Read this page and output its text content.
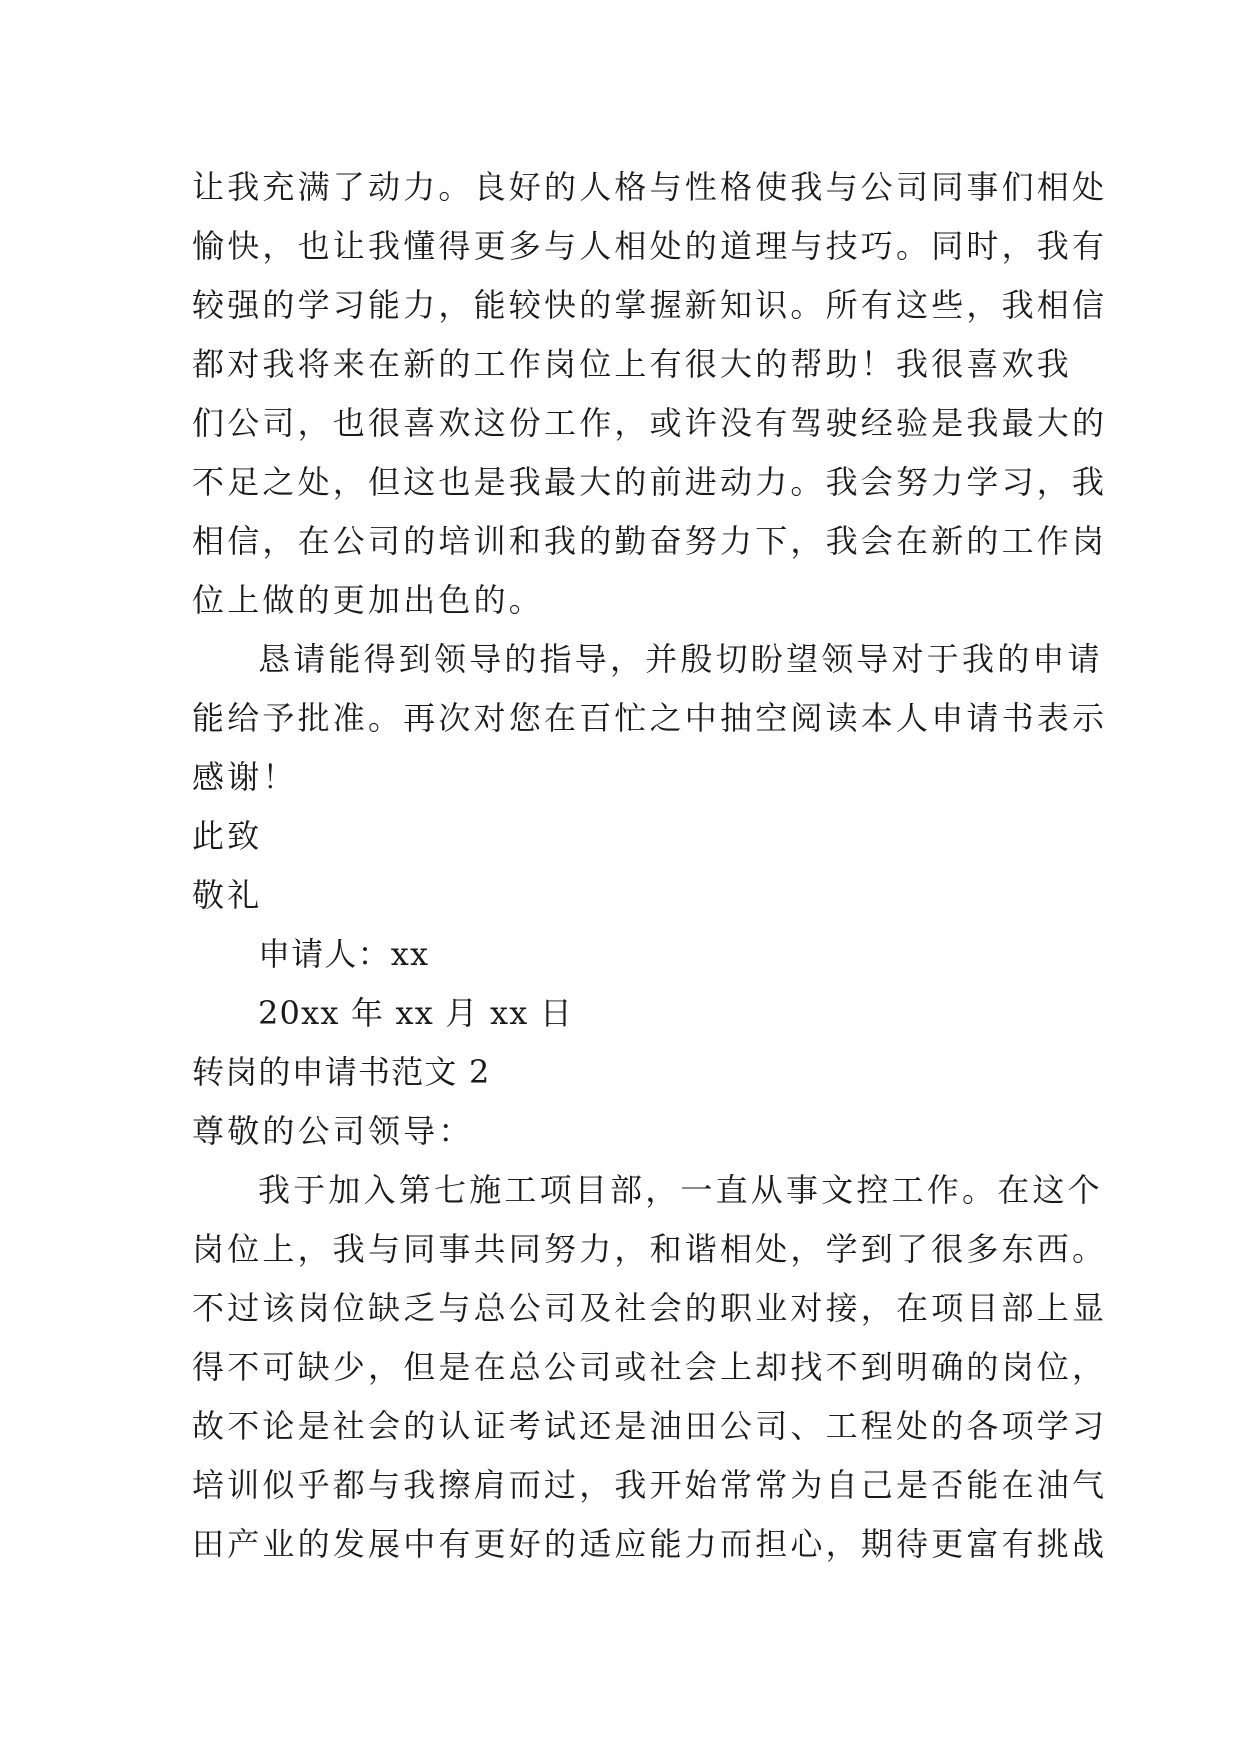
让我充满了动力。良好的人格与性格使我与公司同事们相处
愉快，也让我懂得更多与人相处的道理与技巧。同时，我有
较强的学习能力，能较快的掌握新知识。所有这些，我相信
都对我将来在新的工作岗位上有很大的帮助！我很喜欢我
们公司，也很喜欢这份工作，或许没有驾驶经验是我最大的
不足之处，但这也是我最大的前进动力。我会努力学习，我
相信，在公司的培训和我的勤奋努力下，我会在新的工作岗
位上做的更加出色的。
恳请能得到领导的指导，并殷切盼望领导对于我的申请
能给予批准。再次对您在百忙之中抽空阅读本人申请书表示
感谢！
此致
敬礼
申请人：xx
20xx 年 xx 月 xx 日
转岗的申请书范文 2
尊敬的公司领导：
我于加入第七施工项目部，一直从事文控工作。在这个
岗位上，我与同事共同努力，和谐相处，学到了很多东西。
不过该岗位缺乏与总公司及社会的职业对接，在项目部上显
得不可缺少，但是在总公司或社会上却找不到明确的岗位，
故不论是社会的认证考试还是油田公司、工程处的各项学习
培训似乎都与我擦肩而过，我开始常常为自己是否能在油气
田产业的发展中有更好的适应能力而担心，期待更富有挑战
